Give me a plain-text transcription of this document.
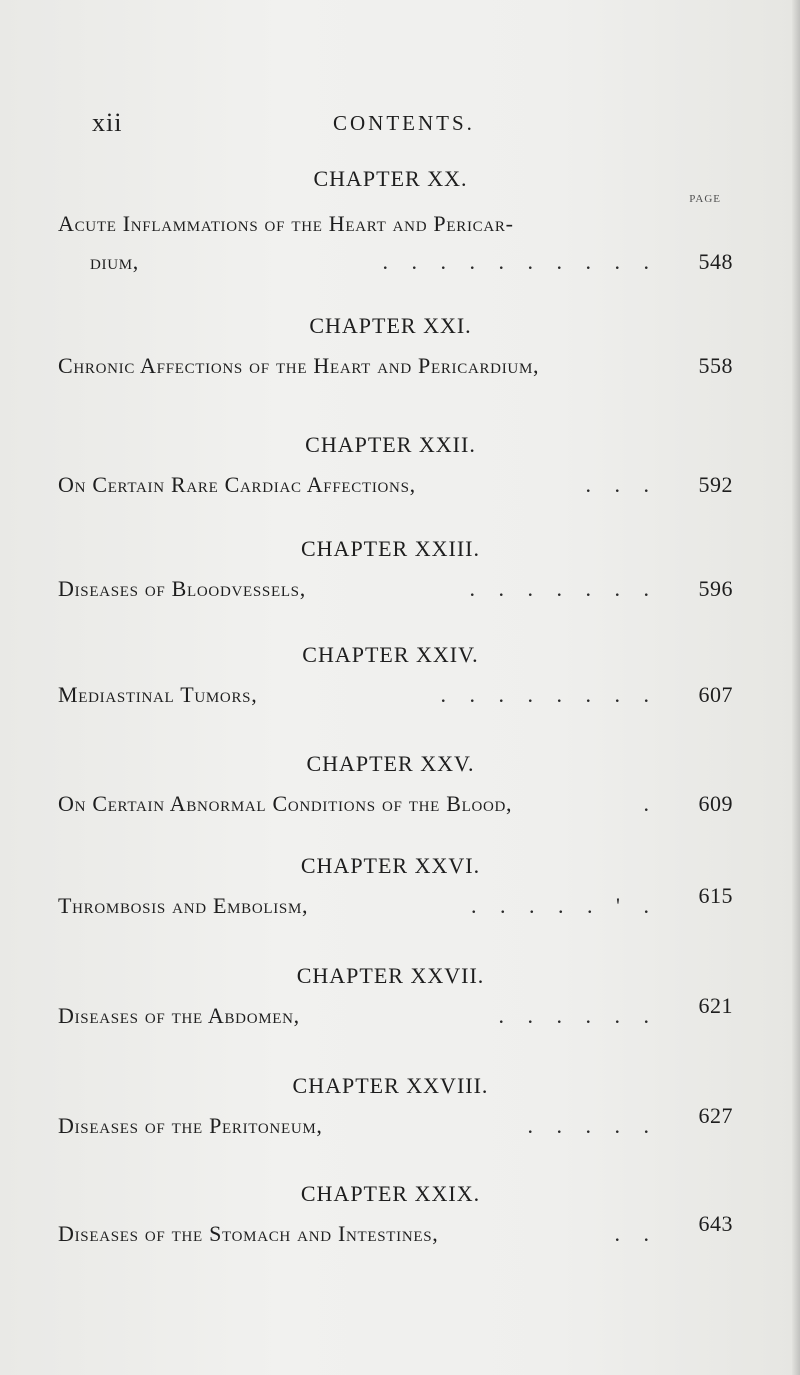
xii	CONTENTS.
PAGE
CHAPTER XX.
Acute Inflammations of the Heart and Pericar-
dium,	. . . . . . . . . .	548
CHAPTER XXI.
Chronic Affections of the Heart and Pericardium,	558
CHAPTER XXII.
On Certain Rare Cardiac Affections,	. . .	592
CHAPTER XXIII.
Diseases of Bloodvessels,	. . . . . . .	596
CHAPTER XXIV.
Mediastinal Tumors,	. . . . . . . .	607
CHAPTER XXV.
On Certain Abnormal Conditions of the Blood,	.	609
CHAPTER XXVI.
Thrombosis and Embolism,	. . . . . ' .	615
CHAPTER XXVII.
Diseases of the Abdomen,	. . . . . .	621
CHAPTER XXVIII.
Diseases of the Peritoneum,	. . . . .	627
CHAPTER XXIX.
Diseases of the Stomach and Intestines,	. .	643
